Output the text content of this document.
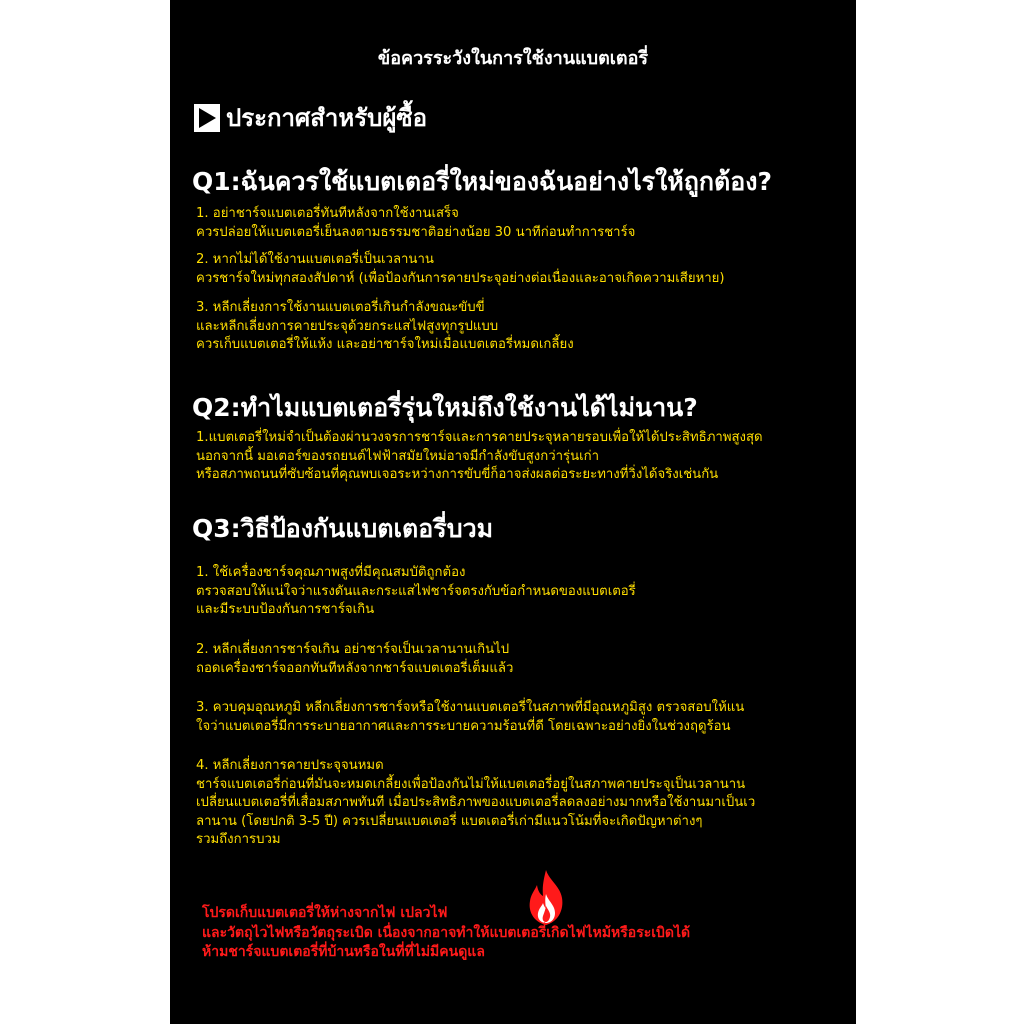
ข้อควรระวังในการใช้งานแบตเตอรี่
ประกาศสำหรับผู้ซื้อ
Q1:ฉันควรใช้แบตเตอรี่ใหม่ของฉันอย่างไรให้ถูกต้อง?
1. อย่าชาร์จแบตเตอรี่ทันทีหลังจากใช้งานเสร็จ
ควรปล่อยให้แบตเตอรี่เย็นลงตามธรรมชาติอย่างน้อย 30 นาทีก่อนทำการชาร์จ
2. หากไม่ได้ใช้งานแบตเตอรี่เป็นเวลานาน
ควรชาร์จใหม่ทุกสองสัปดาห์ (เพื่อป้องกันการคายประจุอย่างต่อเนื่องและอาจเกิดความเสียหาย)
3. หลีกเลี่ยงการใช้งานแบตเตอรี่เกินกำลังขณะขับขี่
และหลีกเลี่ยงการคายประจุด้วยกระแสไฟสูงทุกรูปแบบ
ควรเก็บแบตเตอรี่ให้แห้ง และอย่าชาร์จใหม่เมื่อแบตเตอรี่หมดเกลี้ยง
Q2:ทำไมแบตเตอรี่รุ่นใหม่ถึงใช้งานได้ไม่นาน?
1.แบตเตอรี่ใหม่จำเป็นต้องผ่านวงจรการชาร์จและการคายประจุหลายรอบเพื่อให้ได้ประสิทธิภาพสูงสุด
นอกจากนี้ มอเตอร์ของรถยนต์ไฟฟ้าสมัยใหม่อาจมีกำลังขับสูงกว่ารุ่นเก่า
หรือสภาพถนนที่ซับซ้อนที่คุณพบเจอระหว่างการขับขี่ก็อาจส่งผลต่อระยะทางที่วิ่งได้จริงเช่นกัน
Q3:วิธีป้องกันแบตเตอรี่บวม
1. ใช้เครื่องชาร์จคุณภาพสูงที่มีคุณสมบัติถูกต้อง
ตรวจสอบให้แน่ใจว่าแรงดันและกระแสไฟชาร์จตรงกับข้อกำหนดของแบตเตอรี่
และมีระบบป้องกันการชาร์จเกิน
2. หลีกเลี่ยงการชาร์จเกิน อย่าชาร์จเป็นเวลานานเกินไป
ถอดเครื่องชาร์จออกทันทีหลังจากชาร์จแบตเตอรี่เต็มแล้ว
3. ควบคุมอุณหภูมิ หลีกเลี่ยงการชาร์จหรือใช้งานแบตเตอรี่ในสภาพที่มีอุณหภูมิสูง ตรวจสอบให้แน
ใจว่าแบตเตอรี่มีการระบายอากาศและการระบายความร้อนที่ดี โดยเฉพาะอย่างยิ่งในช่วงฤดูร้อน
4. หลีกเลี่ยงการคายประจุจนหมด
ชาร์จแบตเตอรี่ก่อนที่มันจะหมดเกลี้ยงเพื่อป้องกันไม่ให้แบตเตอรี่อยู่ในสภาพคายประจุเป็นเวลานาน
เปลี่ยนแบตเตอรี่ที่เสื่อมสภาพทันที เมื่อประสิทธิภาพของแบตเตอรี่ลดลงอย่างมากหรือใช้งานมาเป็นเว
ลานาน (โดยปกติ 3-5 ปี) ควรเปลี่ยนแบตเตอรี่ แบตเตอรี่เก่ามีแนวโน้มที่จะเกิดปัญหาต่างๆ
รวมถึงการบวม
โปรดเก็บแบตเตอรี่ให้ห่างจากไฟ เปลวไฟ
และวัตถุไวไฟหรือวัตถุระเบิด เนื่องจากอาจทำให้แบตเตอรี่เกิดไฟไหม้หรือระเบิดได้
ห้ามชาร์จแบตเตอรี่ที่บ้านหรือในที่ที่ไม่มีคนดูแล
